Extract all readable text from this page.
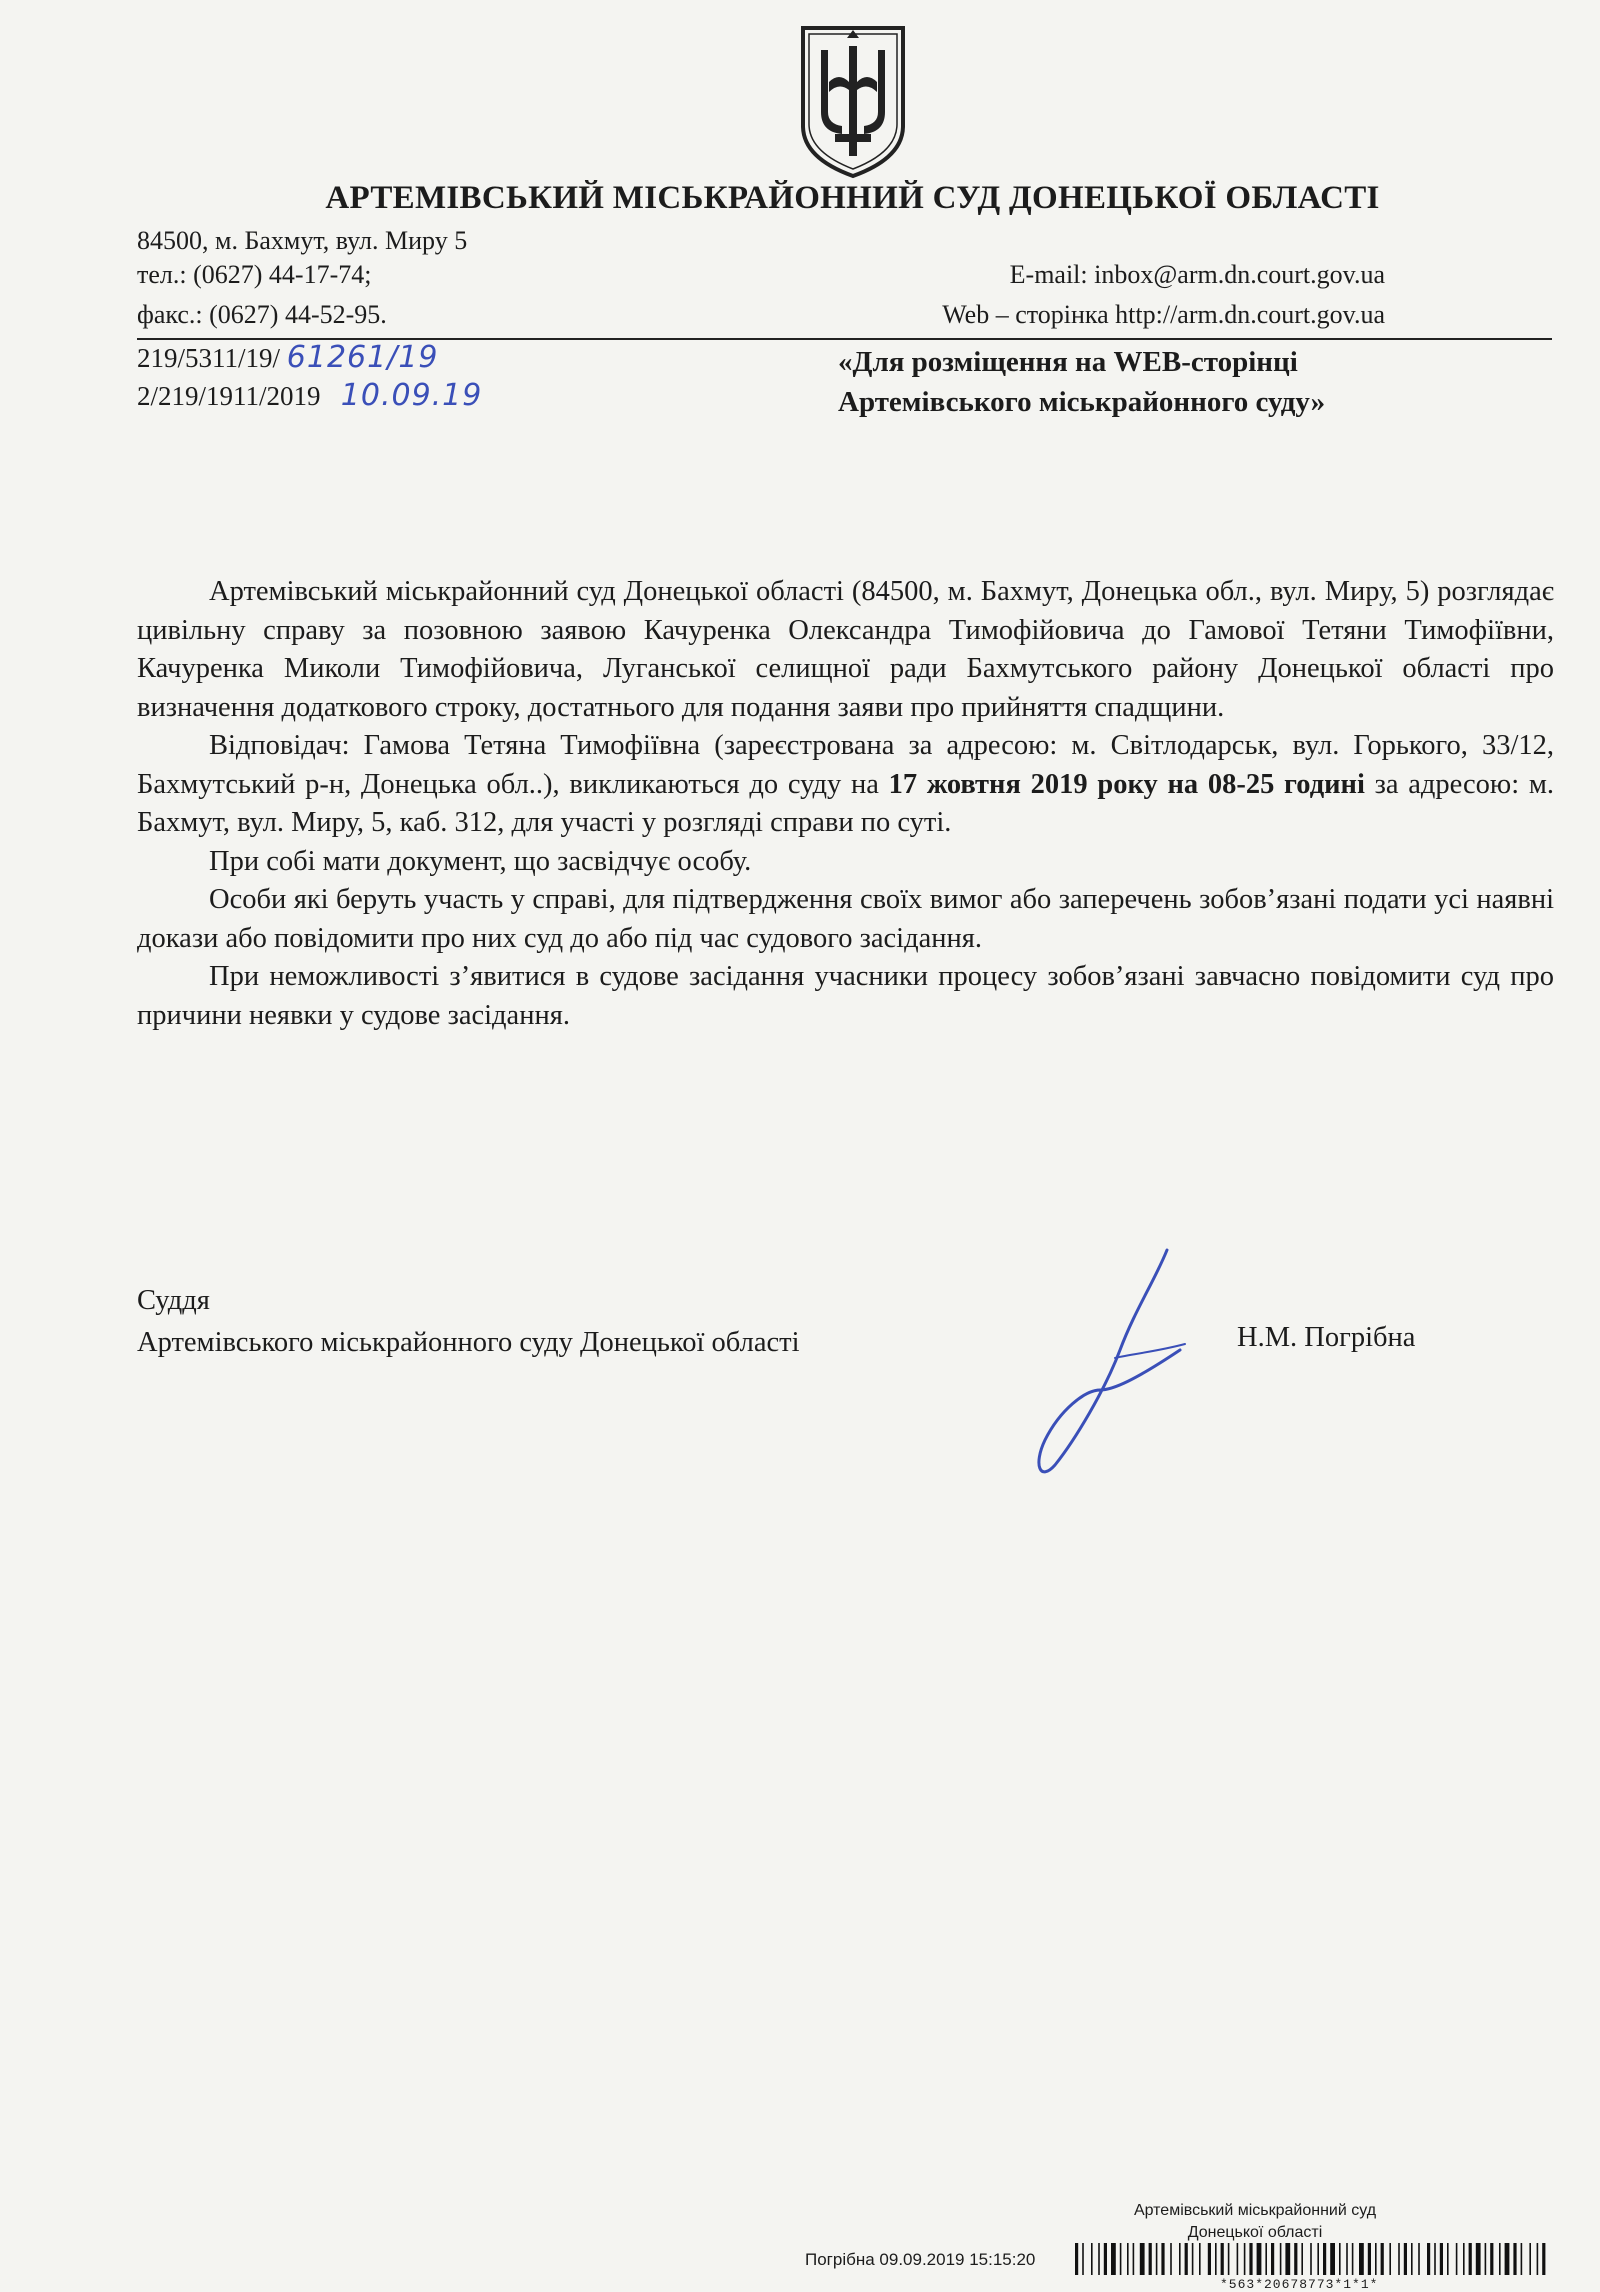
АРТЕМІВСЬКИЙ МІСЬКРАЙОННИЙ СУД ДОНЕЦЬКОЇ ОБЛАСТІ
84500, м. Бахмут, вул. Миру 5
тел.: (0627) 44-17-74;
факс.: (0627) 44-52-95.
E-mail: inbox@arm.dn.court.gov.ua
Web – сторінка http://arm.dn.court.gov.ua
219/5311/19/ 61261/19
2/219/1911/2019 10.09.19
«Для розміщення на WEB-сторінці
Артемівського міськрайонного суду»

Артемівський міськрайонний суд Донецької області (84500, м. Бахмут, Донецька обл., вул. Миру, 5) розглядає цивільну справу за позовною заявою Качуренка Олександра Тимофійовича до Гамової Тетяни Тимофіївни, Качуренка Миколи Тимофійовича, Луганської селищної ради Бахмутського району Донецької області про визначення додаткового строку, достатнього для подання заяви про прийняття спадщини.

Відповідач: Гамова Тетяна Тимофіївна (зареєстрована за адресою: м. Світлодарськ, вул. Горького, 33/12, Бахмутський р-н, Донецька обл..), викликаються до суду на 17 жовтня 2019 року на 08-25 годині за адресою: м. Бахмут, вул. Миру, 5, каб. 312, для участі у розгляді справи по суті.

При собі мати документ, що засвідчує особу.

Особи які беруть участь у справі, для підтвердження своїх вимог або заперечень зобов’язані подати усі наявні докази або повідомити про них суд до або під час судового засідання.

При неможливості з’явитися в судове засідання учасники процесу зобов’язані завчасно повідомити суд про причини неявки у судове засідання.

Суддя
Артемівського міськрайонного суду Донецької області	Н.М. Погрібна
Артемівський міськрайонний суд
Донецької області
Погрібна 09.09.2019 15:15:20
*563*20678773*1*1*
